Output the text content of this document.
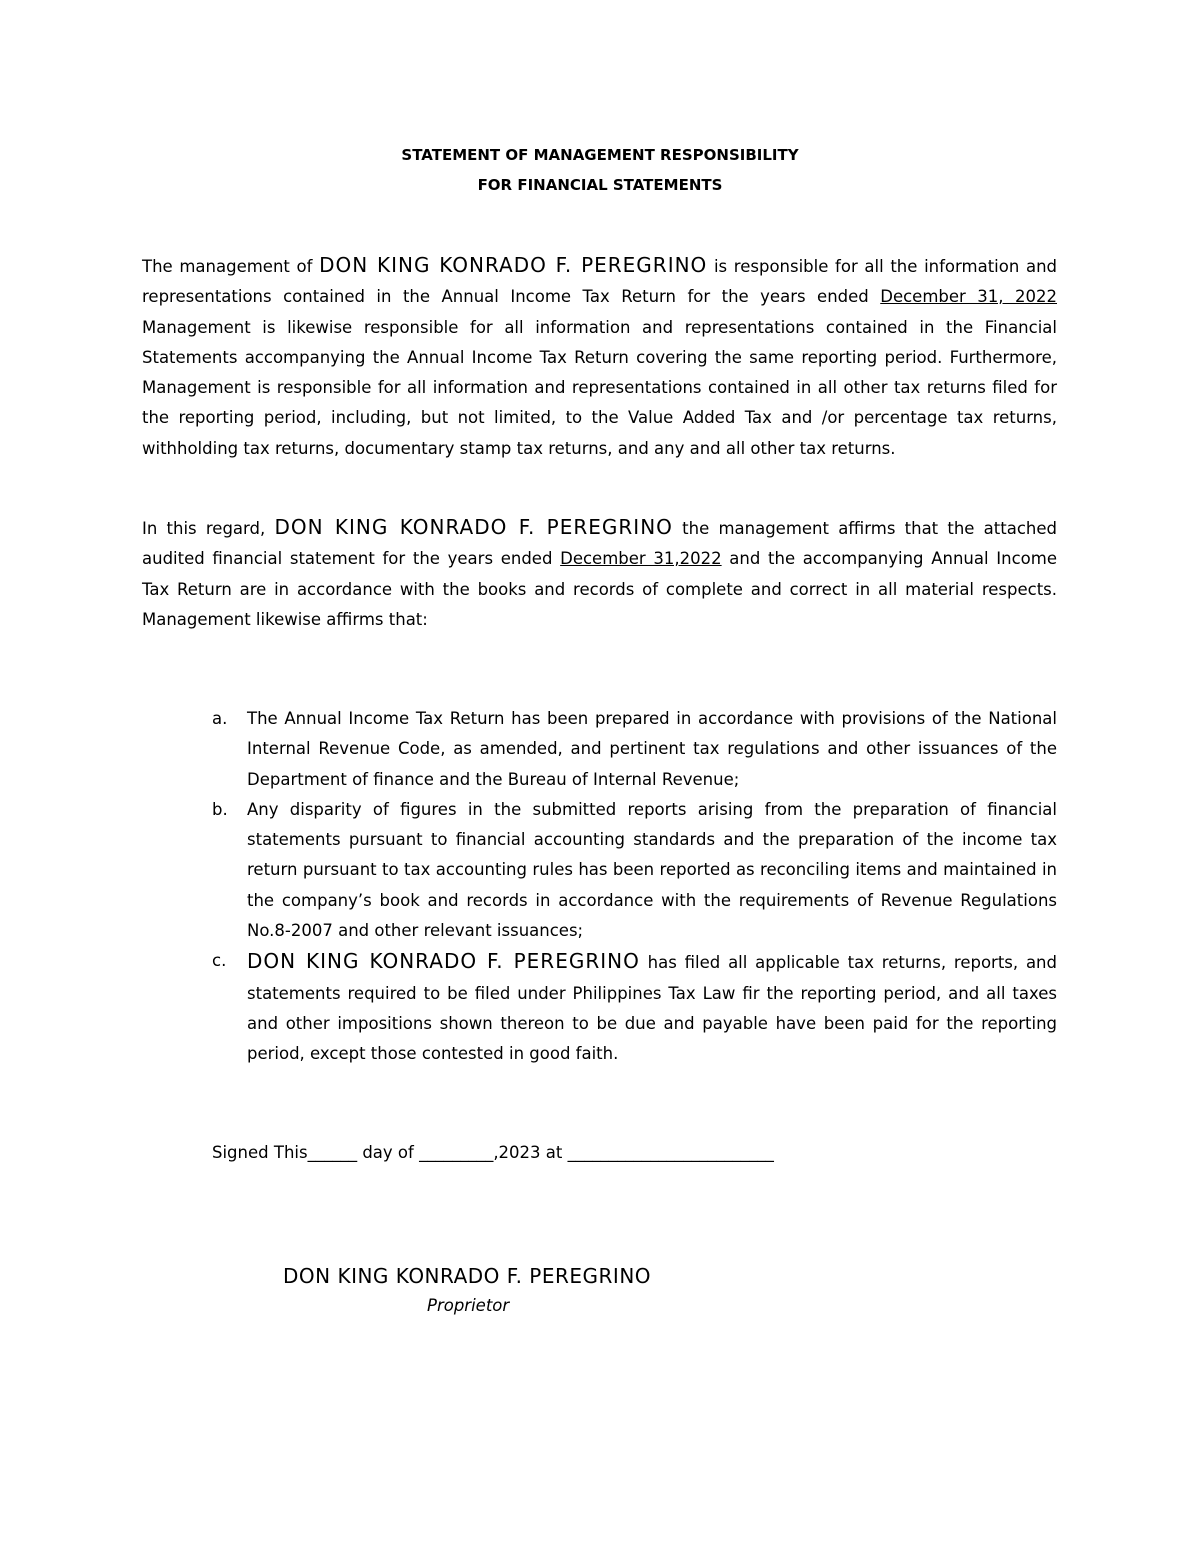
STATEMENT OF MANAGEMENT RESPONSIBILITY
FOR FINANCIAL STATEMENTS
The management of DON KING KONRADO F. PEREGRINO is responsible for all the information and representations contained in the Annual Income Tax Return for the years ended December 31, 2022 Management is likewise responsible for all information and representations contained in the Financial Statements accompanying the Annual Income Tax Return covering the same reporting period. Furthermore, Management is responsible for all information and representations contained in all other tax returns filed for the reporting period, including, but not limited, to the Value Added Tax and /or percentage tax returns, withholding tax returns, documentary stamp tax returns, and any and all other tax returns.
In this regard, DON KING KONRADO F. PEREGRINO the management affirms that the attached audited financial statement for the years ended December 31,2022 and the accompanying Annual Income Tax Return are in accordance with the books and records of complete and correct in all material respects. Management likewise affirms that:
a. The Annual Income Tax Return has been prepared in accordance with provisions of the National Internal Revenue Code, as amended, and pertinent tax regulations and other issuances of the Department of finance and the Bureau of Internal Revenue;
b. Any disparity of figures in the submitted reports arising from the preparation of financial statements pursuant to financial accounting standards and the preparation of the income tax return pursuant to tax accounting rules has been reported as reconciling items and maintained in the company’s book and records in accordance with the requirements of Revenue Regulations No.8-2007 and other relevant issuances;
c. DON KING KONRADO F. PEREGRINO has filed all applicable tax returns, reports, and statements required to be filed under Philippines Tax Law fir the reporting period, and all taxes and other impositions shown thereon to be due and payable have been paid for the reporting period, except those contested in good faith.
Signed This______ day of _________,2023 at _________________________
DON KING KONRADO F. PEREGRINO
Proprietor
